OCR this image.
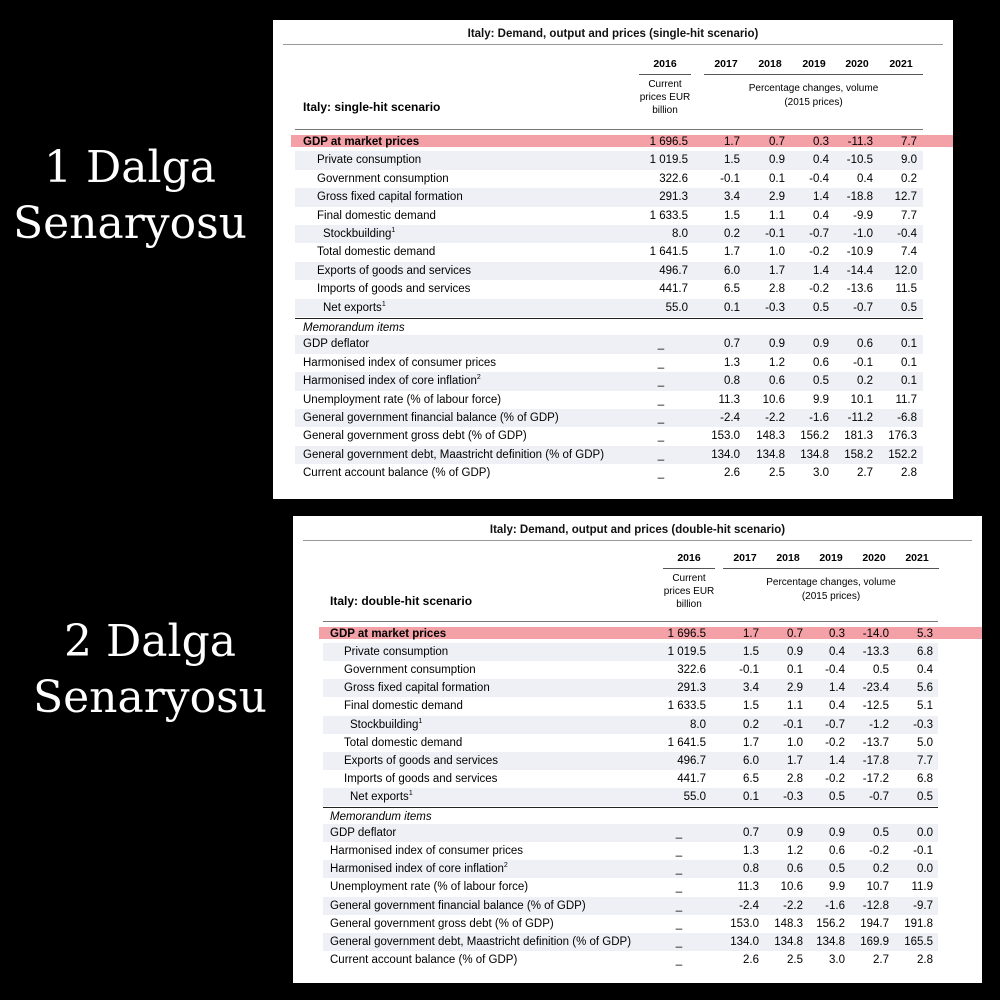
1 Dalga
Senaryosu
2 Dalga
Senaryosu
Italy: Demand, output and prices (single-hit scenario)
2016	2017	2018	2019	2020	2021
Current
prices EUR
billion
Percentage changes, volume
(2015 prices)
Italy: single-hit scenario
GDP at market prices	1 696.5	1.7	0.7	0.3	-11.3	7.7
Private consumption	1 019.5	1.5	0.9	0.4	-10.5	9.0
Government consumption	322.6	-0.1	0.1	-0.4	0.4	0.2
Gross fixed capital formation	291.3	3.4	2.9	1.4	-18.8	12.7
Final domestic demand	1 633.5	1.5	1.1	0.4	-9.9	7.7
Stockbuilding$^1$	8.0	0.2	-0.1	-0.7	-1.0	-0.4
Total domestic demand	1 641.5	1.7	1.0	-0.2	-10.9	7.4
Exports of goods and services	496.7	6.0	1.7	1.4	-14.4	12.0
Imports of goods and services	441.7	6.5	2.8	-0.2	-13.6	11.5
Net exports$^1$	55.0	0.1	-0.3	0.5	-0.7	0.5
Memorandum items
GDP deflator	_	0.7	0.9	0.9	0.6	0.1
Harmonised index of consumer prices	_	1.3	1.2	0.6	-0.1	0.1
Harmonised index of core inflation$^2$	_	0.8	0.6	0.5	0.2	0.1
Unemployment rate (% of labour force)	_	11.3	10.6	9.9	10.1	11.7
General government financial balance (% of GDP)	_	-2.4	-2.2	-1.6	-11.2	-6.8
General government gross debt (% of GDP)	_	153.0	148.3	156.2	181.3	176.3
General government debt, Maastricht definition (% of GDP)	_	134.0	134.8	134.8	158.2	152.2
Current account balance (% of GDP)	_	2.6	2.5	3.0	2.7	2.8
Italy: Demand, output and prices (double-hit scenario)
2016	2017	2018	2019	2020	2021
Current
prices EUR
billion
Percentage changes, volume
(2015 prices)
Italy: double-hit scenario
GDP at market prices	1 696.5	1.7	0.7	0.3	-14.0	5.3
Private consumption	1 019.5	1.5	0.9	0.4	-13.3	6.8
Government consumption	322.6	-0.1	0.1	-0.4	0.5	0.4
Gross fixed capital formation	291.3	3.4	2.9	1.4	-23.4	5.6
Final domestic demand	1 633.5	1.5	1.1	0.4	-12.5	5.1
Stockbuilding$^1$	8.0	0.2	-0.1	-0.7	-1.2	-0.3
Total domestic demand	1 641.5	1.7	1.0	-0.2	-13.7	5.0
Exports of goods and services	496.7	6.0	1.7	1.4	-17.8	7.7
Imports of goods and services	441.7	6.5	2.8	-0.2	-17.2	6.8
Net exports$^1$	55.0	0.1	-0.3	0.5	-0.7	0.5
Memorandum items
GDP deflator	_	0.7	0.9	0.9	0.5	0.0
Harmonised index of consumer prices	_	1.3	1.2	0.6	-0.2	-0.1
Harmonised index of core inflation$^2$	_	0.8	0.6	0.5	0.2	0.0
Unemployment rate (% of labour force)	_	11.3	10.6	9.9	10.7	11.9
General government financial balance (% of GDP)	_	-2.4	-2.2	-1.6	-12.8	-9.7
General government gross debt (% of GDP)	_	153.0	148.3	156.2	194.7	191.8
General government debt, Maastricht definition (% of GDP)	_	134.0	134.8	134.8	169.9	165.5
Current account balance (% of GDP)	_	2.6	2.5	3.0	2.7	2.8
